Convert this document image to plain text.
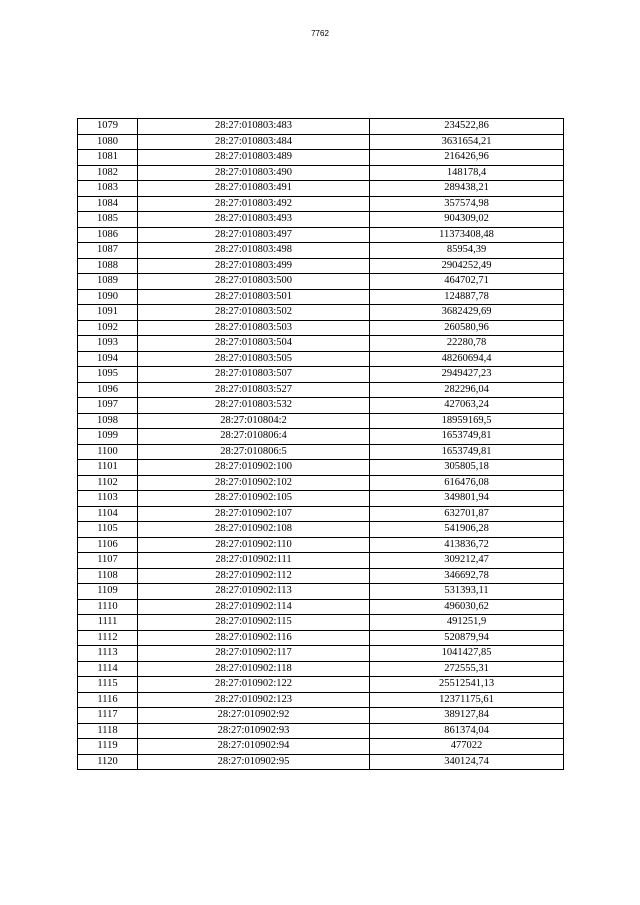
7762
1079	28:27:010803:483	234522,86
1080	28:27:010803:484	3631654,21
1081	28:27:010803:489	216426,96
1082	28:27:010803:490	148178,4
1083	28:27:010803:491	289438,21
1084	28:27:010803:492	357574,98
1085	28:27:010803:493	904309,02
1086	28:27:010803:497	11373408,48
1087	28:27:010803:498	85954,39
1088	28:27:010803:499	2904252,49
1089	28:27:010803:500	464702,71
1090	28:27:010803:501	124887,78
1091	28:27:010803:502	3682429,69
1092	28:27:010803:503	260580,96
1093	28:27:010803:504	22280,78
1094	28:27:010803:505	48260694,4
1095	28:27:010803:507	2949427,23
1096	28:27:010803:527	282296,04
1097	28:27:010803:532	427063,24
1098	28:27:010804:2	18959169,5
1099	28:27:010806:4	1653749,81
1100	28:27:010806:5	1653749,81
1101	28:27:010902:100	305805,18
1102	28:27:010902:102	616476,08
1103	28:27:010902:105	349801,94
1104	28:27:010902:107	632701,87
1105	28:27:010902:108	541906,28
1106	28:27:010902:110	413836,72
1107	28:27:010902:111	309212,47
1108	28:27:010902:112	346692,78
1109	28:27:010902:113	531393,11
1110	28:27:010902:114	496030,62
1111	28:27:010902:115	491251,9
1112	28:27:010902:116	520879,94
1113	28:27:010902:117	1041427,85
1114	28:27:010902:118	272555,31
1115	28:27:010902:122	25512541,13
1116	28:27:010902:123	12371175,61
1117	28:27:010902:92	389127,84
1118	28:27:010902:93	861374,04
1119	28:27:010902:94	477022
1120	28:27:010902:95	340124,74
